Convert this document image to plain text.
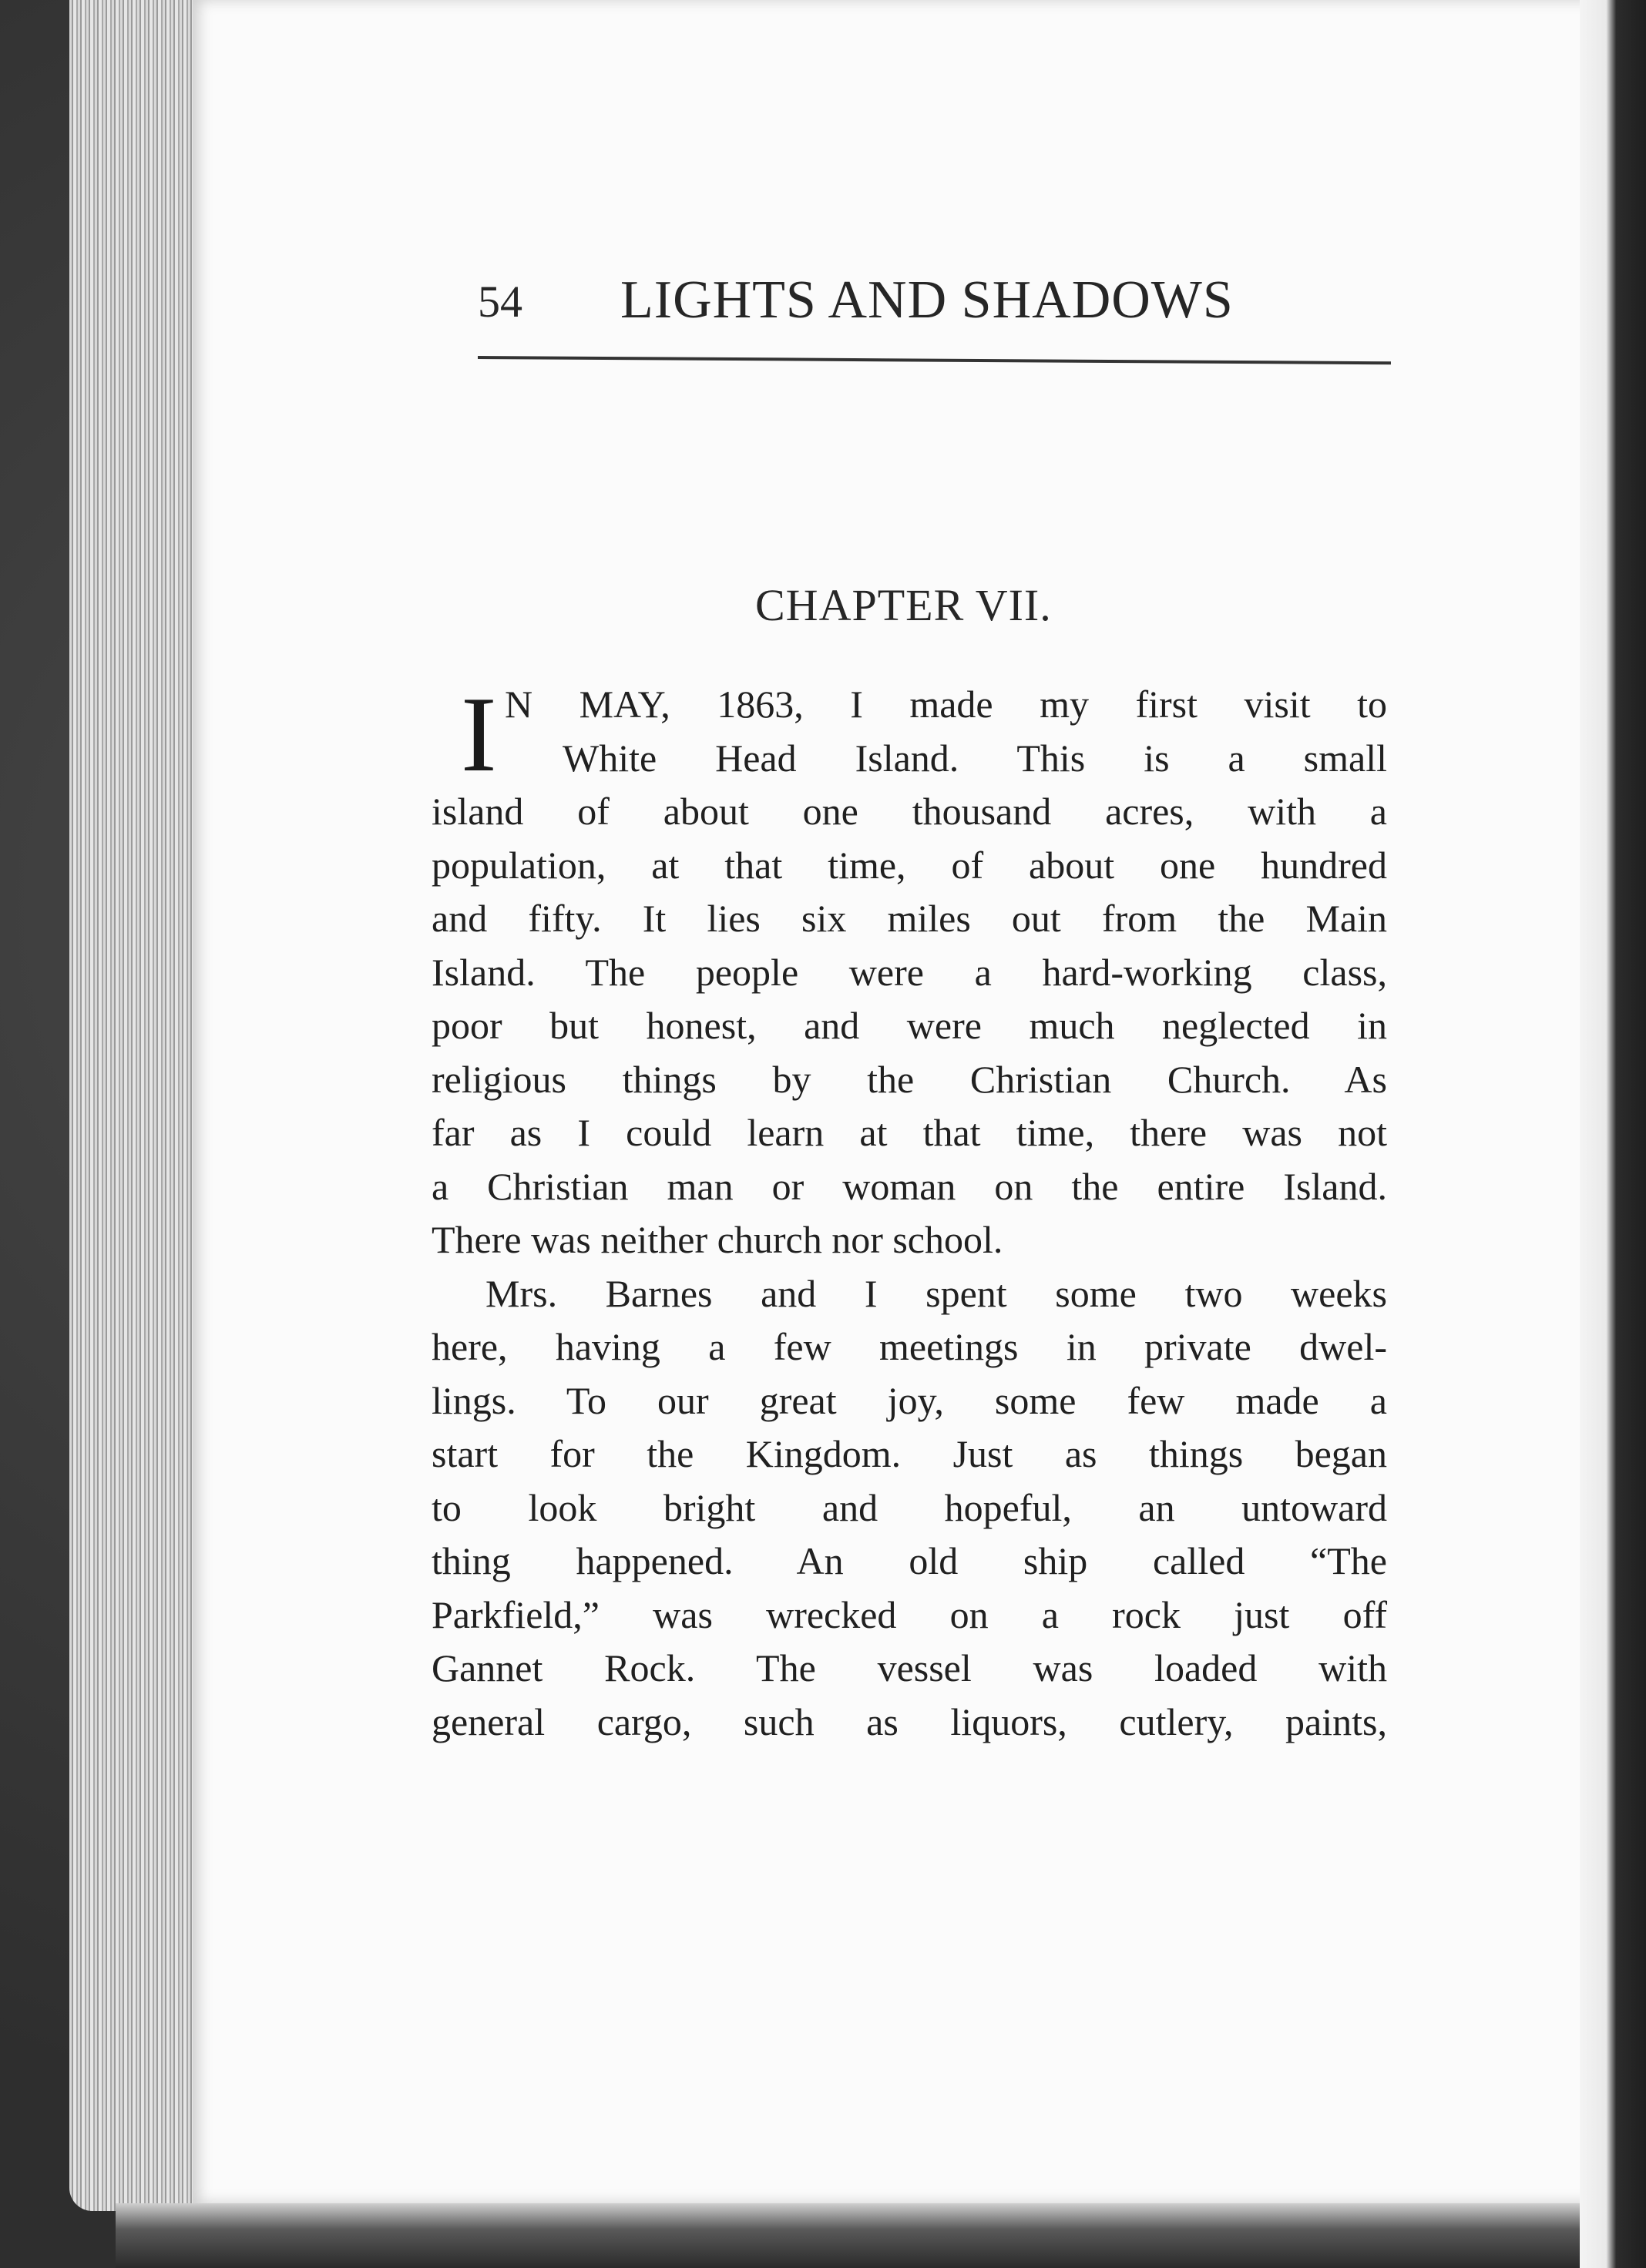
54 LIGHTS AND SHADOWS
CHAPTER VII.
I N MAY, 1863, I made my first visit to
White Head Island. This is a small
island of about one thousand acres, with a
population, at that time, of about one hundred
and fifty. It lies six miles out from the Main
Island. The people were a hard-working class,
poor but honest, and were much neglected in
religious things by the Christian Church. As
far as I could learn at that time, there was not
a Christian man or woman on the entire Island.
There was neither church nor school.
Mrs. Barnes and I spent some two weeks
here, having a few meetings in private dwel-
lings. To our great joy, some few made a
start for the Kingdom. Just as things began
to look bright and hopeful, an untoward
thing happened. An old ship called “The
Parkfield,” was wrecked on a rock just off
Gannet Rock. The vessel was loaded with
general cargo, such as liquors, cutlery, paints,
